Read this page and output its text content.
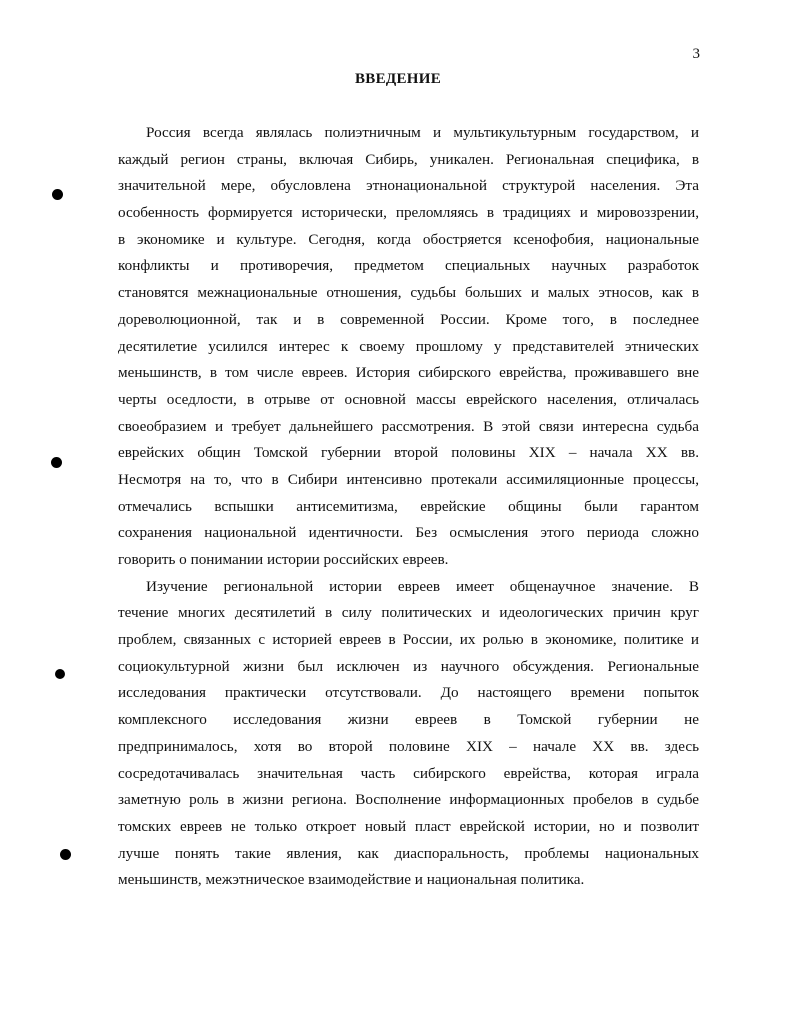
3
ВВЕДЕНИЕ
Россия всегда являлась полиэтничным и мультикультурным государством, и
каждый регион страны, включая Сибирь, уникален. Региональная специфика, в
значительной мере, обусловлена этнонациональной структурой населения. Эта
особенность формируется исторически, преломляясь в традициях и мировоззрении,
в экономике и культуре. Сегодня, когда обостряется ксенофобия, национальные
конфликты и противоречия, предметом специальных научных разработок
становятся межнациональные отношения, судьбы больших и малых этносов, как в
дореволюционной, так и в современной России. Кроме того, в последнее
десятилетие усилился интерес к своему прошлому у представителей этнических
меньшинств, в том числе евреев. История сибирского еврейства, проживавшего вне
черты оседлости, в отрыве от основной массы еврейского населения, отличалась
своеобразием и требует дальнейшего рассмотрения. В этой связи интересна судьба
еврейских общин Томской губернии второй половины XIX – начала XX вв.
Несмотря на то, что в Сибири интенсивно протекали ассимиляционные процессы,
отмечались вспышки антисемитизма, еврейские общины были гарантом
сохранения национальной идентичности. Без осмысления этого периода сложно
говорить о понимании истории российских евреев.
Изучение региональной истории евреев имеет общенаучное значение. В
течение многих десятилетий в силу политических и идеологических причин круг
проблем, связанных с историей евреев в России, их ролью в экономике, политике и
социокультурной жизни был исключен из научного обсуждения. Региональные
исследования практически отсутствовали. До настоящего времени попыток
комплексного исследования жизни евреев в Томской губернии не
предпринималось, хотя во второй половине XIX – начале XX вв. здесь
сосредотачивалась значительная часть сибирского еврейства, которая играла
заметную роль в жизни региона. Восполнение информационных пробелов в судьбе
томских евреев не только откроет новый пласт еврейской истории, но и позволит
лучше понять такие явления, как диаспоральность, проблемы национальных
меньшинств, межэтническое взаимодействие и национальная политика.
